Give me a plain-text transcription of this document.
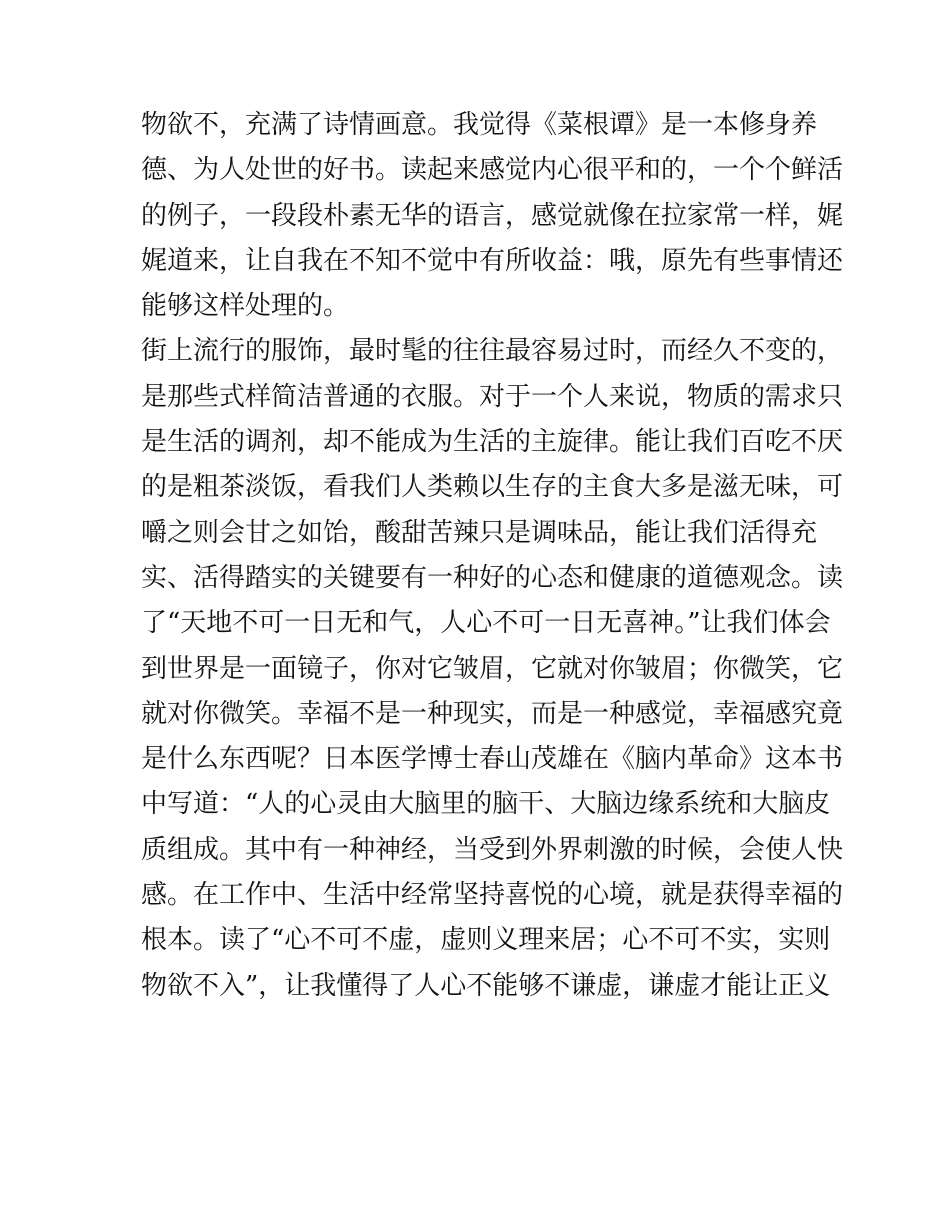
物欲不，充满了诗情画意。我觉得《菜根谭》是一本修身养
德、为人处世的好书。读起来感觉内心很平和的，一个个鲜活
的例子，一段段朴素无华的语言，感觉就像在拉家常一样，娓
娓道来，让自我在不知不觉中有所收益：哦，原先有些事情还
能够这样处理的。
街上流行的服饰，最时髦的往往最容易过时，而经久不变的，
是那些式样简洁普通的衣服。对于一个人来说，物质的需求只
是生活的调剂，却不能成为生活的主旋律。能让我们百吃不厌
的是粗茶淡饭，看我们人类赖以生存的主食大多是滋无味，可
嚼之则会甘之如饴，酸甜苦辣只是调味品，能让我们活得充
实、活得踏实的关键要有一种好的心态和健康的道德观念。读
了“天地不可一日无和气，人心不可一日无喜神。”让我们体会
到世界是一面镜子，你对它皱眉，它就对你皱眉；你微笑，它
就对你微笑。幸福不是一种现实，而是一种感觉，幸福感究竟
是什么东西呢？日本医学博士春山茂雄在《脑内革命》这本书
中写道：“人的心灵由大脑里的脑干、大脑边缘系统和大脑皮
质组成。其中有一种神经，当受到外界刺激的时候，会使人快
感。在工作中、生活中经常坚持喜悦的心境，就是获得幸福的
根本。读了“心不可不虚，虚则义理来居；心不可不实，实则
物欲不入”，让我懂得了人心不能够不谦虚，谦虚才能让正义
